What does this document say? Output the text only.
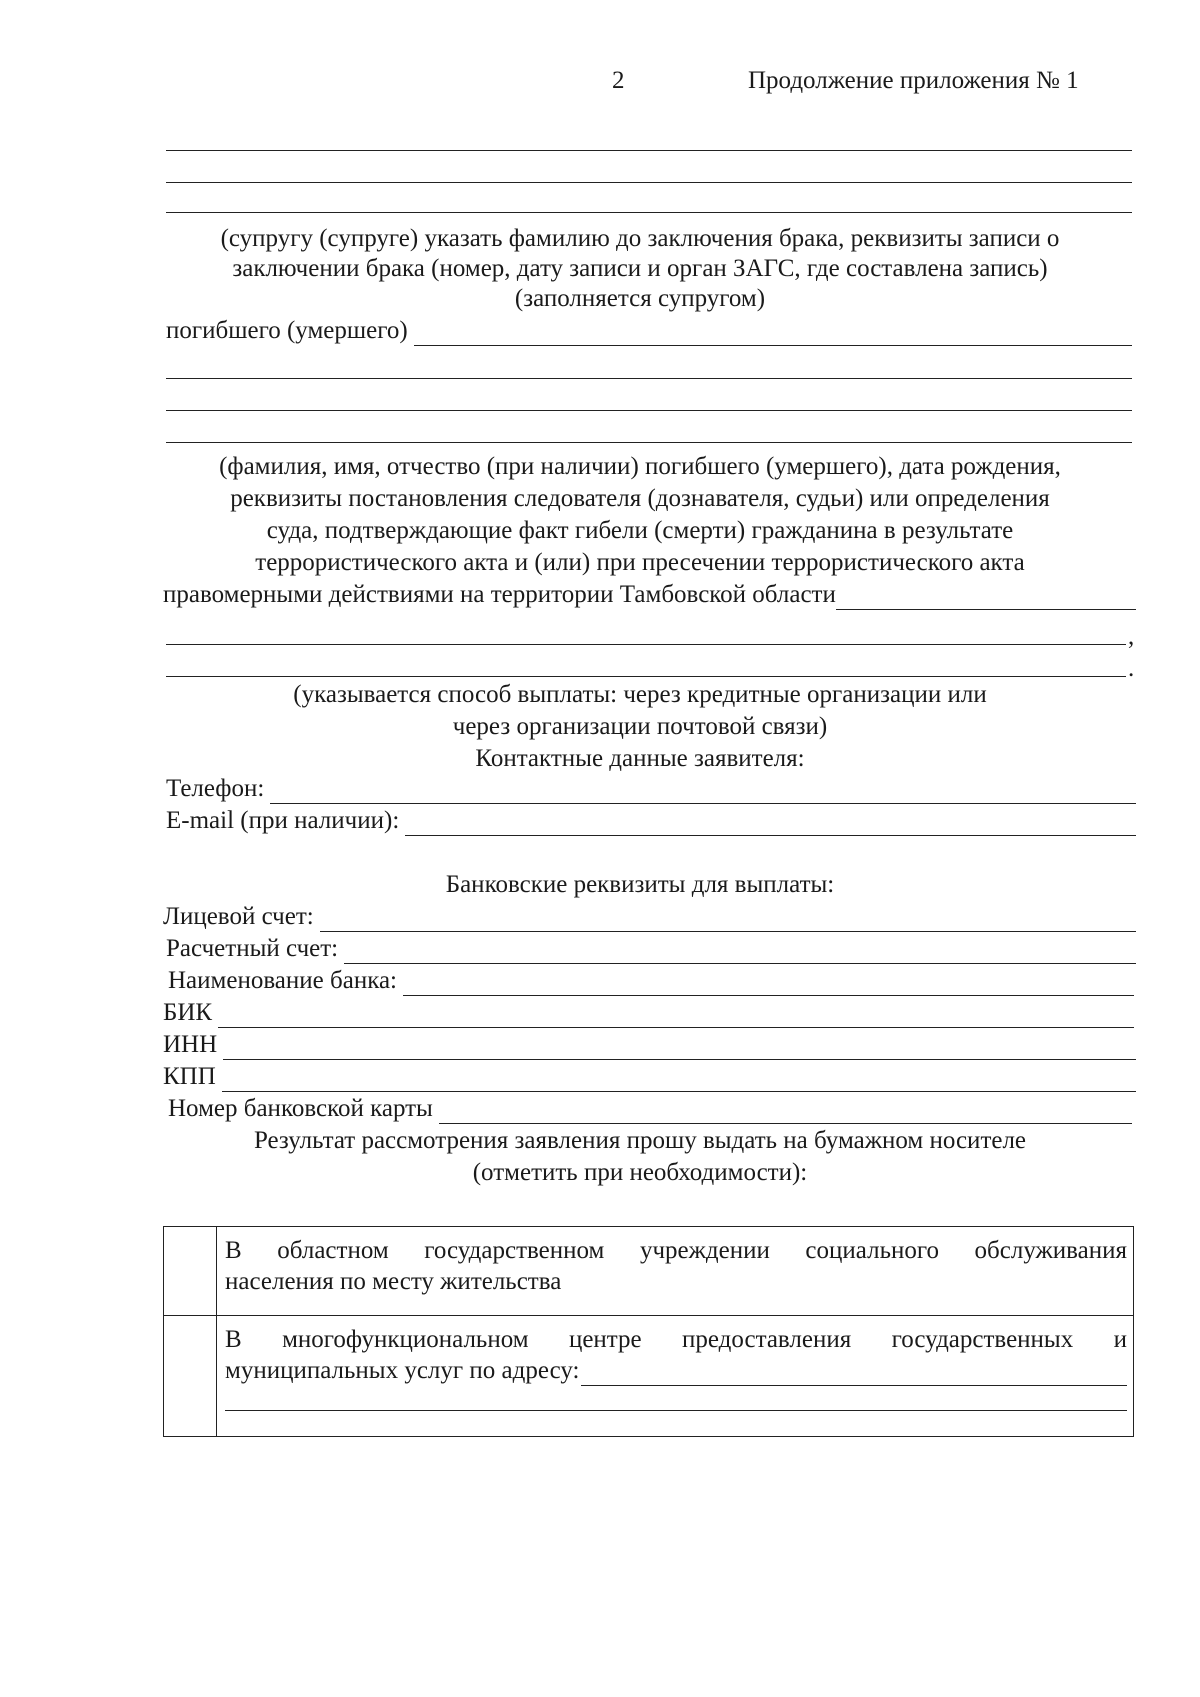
2	Продолжение приложения № 1
(супругу (супруге) указать фамилию до заключения брака, реквизиты записи о
заключении брака (номер, дату записи и орган ЗАГС, где составлена запись)
(заполняется супругом)
погибшего (умершего)
(фамилия, имя, отчество (при наличии) погибшего (умершего), дата рождения,
реквизиты постановления следователя (дознавателя, судьи) или определения
суда, подтверждающие факт гибели (смерти) гражданина в результате
террористического акта и (или) при пресечении террористического акта
правомерными действиями на территории Тамбовской области
,
.
(указывается способ выплаты: через кредитные организации или
через организации почтовой связи)
Контактные данные заявителя:
Телефон:
E-mail (при наличии):
Банковские реквизиты для выплаты:
Лицевой счет:
Расчетный счет:
Наименование банка:
БИК
ИНН
КПП
Номер банковской карты
Результат рассмотрения заявления прошу выдать на бумажном носителе
(отметить при необходимости):

	В областном государственном учреждении социального обслуживания
населения по месту жительства

	В многофункциональном центре предоставления государственных и
муниципальных услуг по адресу:
